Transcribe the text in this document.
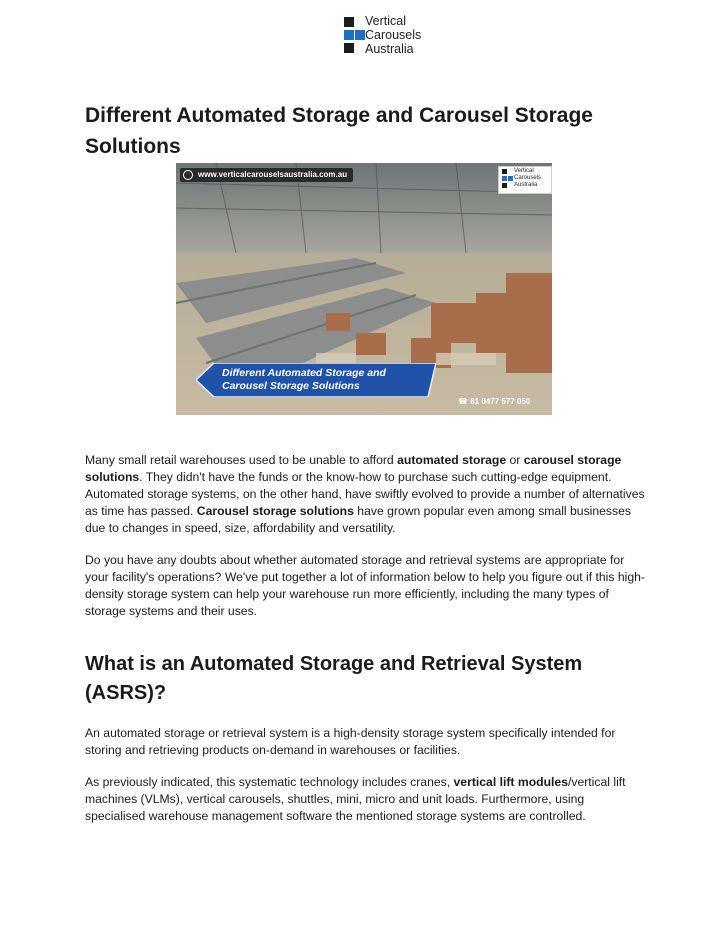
Vertical
Carousels
Australia
Different Automated Storage and Carousel Storage Solutions
www.verticalcarouselsaustralia.com.au	Vertical
Carousels
Australia
Different Automated Storage and
Carousel Storage Solutions
☎ 61 0477 577 050

Many small retail warehouses used to be unable to afford automated storage or carousel storage solutions. They didn't have the funds or the know-how to purchase such cutting-edge equipment. Automated storage systems, on the other hand, have swiftly evolved to provide a number of alternatives as time has passed. Carousel storage solutions have grown popular even among small businesses due to changes in speed, size, affordability and versatility.

Do you have any doubts about whether automated storage and retrieval systems are appropriate for your facility's operations? We've put together a lot of information below to help you figure out if this high-density storage system can help your warehouse run more efficiently, including the many types of storage systems and their uses.

What is an Automated Storage and Retrieval System (ASRS)?

An automated storage or retrieval system is a high-density storage system specifically intended for storing and retrieving products on-demand in warehouses or facilities.

As previously indicated, this systematic technology includes cranes, vertical lift modules/vertical lift machines (VLMs), vertical carousels, shuttles, mini, micro and unit loads. Furthermore, using specialised warehouse management software the mentioned storage systems are controlled.
